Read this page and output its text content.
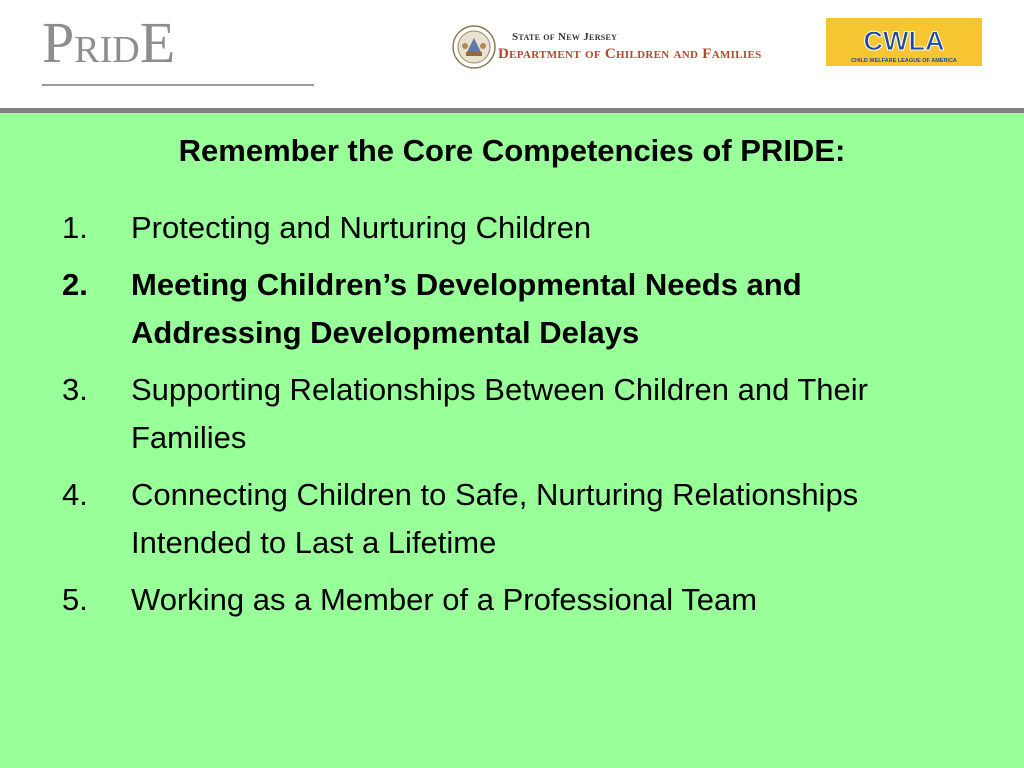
PRIDE	State of New Jersey
Department of Children and Families	CWLA
CHILD WELFARE LEAGUE OF AMERICA
Remember the Core Competencies of PRIDE:
1. Protecting and Nurturing Children
2. Meeting Children’s Developmental Needs and Addressing Developmental Delays
3. Supporting Relationships Between Children and Their Families
4. Connecting Children to Safe, Nurturing Relationships Intended to Last a Lifetime
5. Working as a Member of a Professional Team
